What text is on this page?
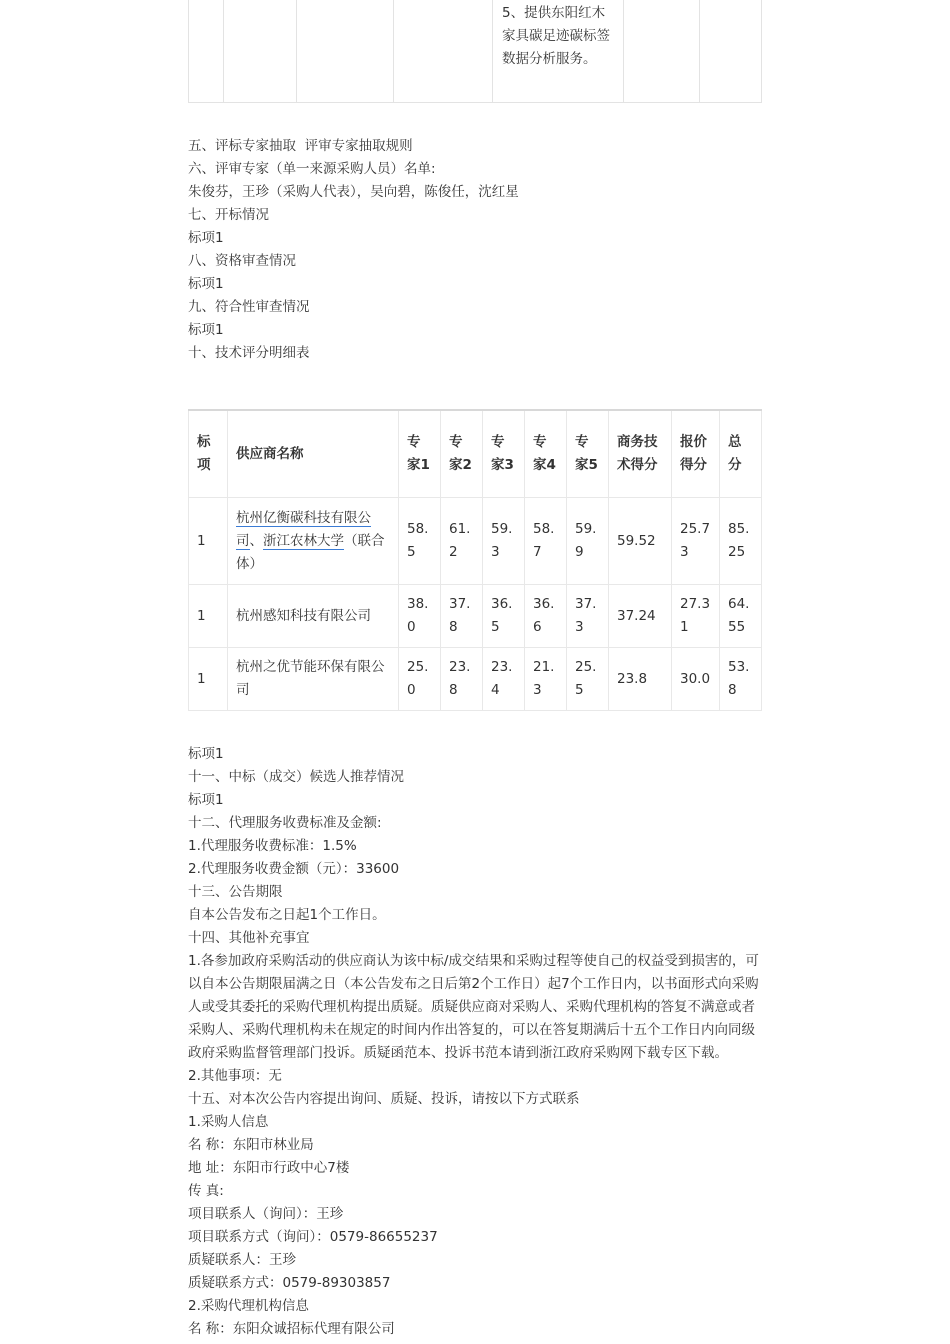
				5、提供东阳红木家具碳足迹碳标签数据分析服务。		
五、评标专家抽取 评审专家抽取规则
六、评审专家（单一来源采购人员）名单:
朱俊芬，王珍（采购人代表），吴向碧，陈俊任，沈红星
七、开标情况
标项1
八、资格审查情况
标项1
九、符合性审查情况
标项1
十、技术评分明细表
标项	供应商名称	专家1	专家2	专家3	专家4	专家5	商务技术得分	报价得分	总分
1	杭州亿衡碳科技有限公司、浙江农林大学（联合体）	58.5	61.2	59.3	58.7	59.9	59.52	25.73	85.25
1	杭州感知科技有限公司	38.0	37.8	36.5	36.6	37.3	37.24	27.31	64.55
1	杭州之优节能环保有限公司	25.0	23.8	23.4	21.3	25.5	23.8	30.0	53.8
标项1
十一、中标（成交）候选人推荐情况
标项1
十二、代理服务收费标准及金额:
1.代理服务收费标准：1.5%
2.代理服务收费金额（元）：33600
十三、公告期限
自本公告发布之日起1个工作日。
十四、其他补充事宜
1.各参加政府采购活动的供应商认为该中标/成交结果和采购过程等使自己的权益受到损害的，可以自本公告期限届满之日（本公告发布之日后第2个工作日）起7个工作日内，以书面形式向采购人或受其委托的采购代理机构提出质疑。质疑供应商对采购人、采购代理机构的答复不满意或者采购人、采购代理机构未在规定的时间内作出答复的，可以在答复期满后十五个工作日内向同级政府采购监督管理部门投诉。质疑函范本、投诉书范本请到浙江政府采购网下载专区下载。
2.其他事项：无
十五、对本次公告内容提出询问、质疑、投诉，请按以下方式联系
1.采购人信息
名 称：东阳市林业局
地 址：东阳市行政中心7楼
传 真:
项目联系人（询问）：王珍
项目联系方式（询问）：0579-86655237
质疑联系人：王珍
质疑联系方式：0579-89303857
2.采购代理机构信息
名 称：东阳众诚招标代理有限公司
